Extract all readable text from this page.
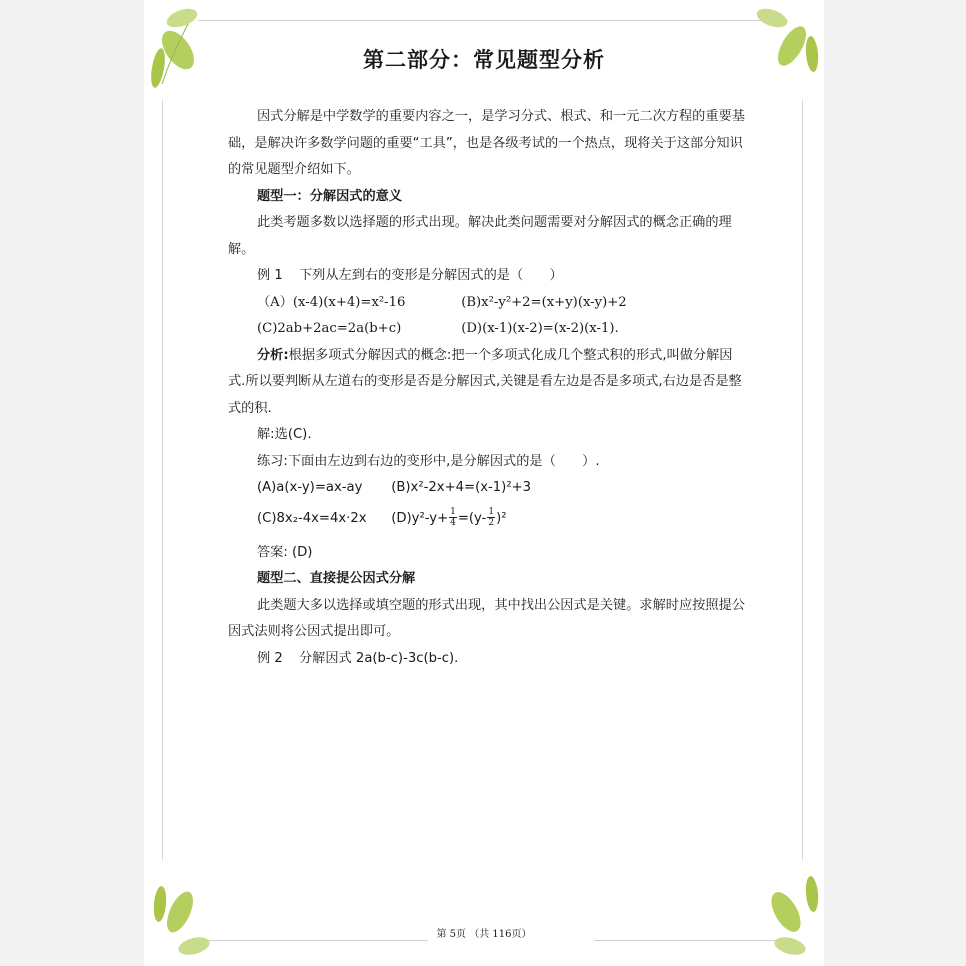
第二部分：常见题型分析

因式分解是中学数学的重要内容之一，是学习分式、根式、和一元二次方程的重要基础，是解决许多数学问题的重要“工具”，也是各级考试的一个热点，现将关于这部分知识的常见题型介绍如下。

题型一：分解因式的意义

此类考题多数以选择题的形式出现。解决此类问题需要对分解因式的概念正确的理解。

例 1 下列从左到右的变形是分解因式的是（　　）

（A）(x-4)(x+4)=x²-16	(B)x²-y²+2=(x+y)(x-y)+2

(C)2ab+2ac=2a(b+c)	(D)(x-1)(x-2)=(x-2)(x-1).

分析:根据多项式分解因式的概念:把一个多项式化成几个整式积的形式,叫做分解因式.所以要判断从左道右的变形是否是分解因式,关键是看左边是否是多项式,右边是否是整式的积.

解:选(C).

练习:下面由左边到右边的变形中,是分解因式的是（　　）.

(A)a(x-y)=ax-ay (B)x²-2x+4=(x-1)²+3

(C)8x₂-4x=4x·2x $(D)y^2-y+ \frac{1}{4} =(y- \frac{1}{2} )^2$

答案: (D)

题型二、直接提公因式分解

此类题大多以选择或填空题的形式出现，其中找出公因式是关键。求解时应按照提公因式法则将公因式提出即可。

例 2 分解因式 2a(b-c)-3c(b-c).

第 5页 （共 116页）
